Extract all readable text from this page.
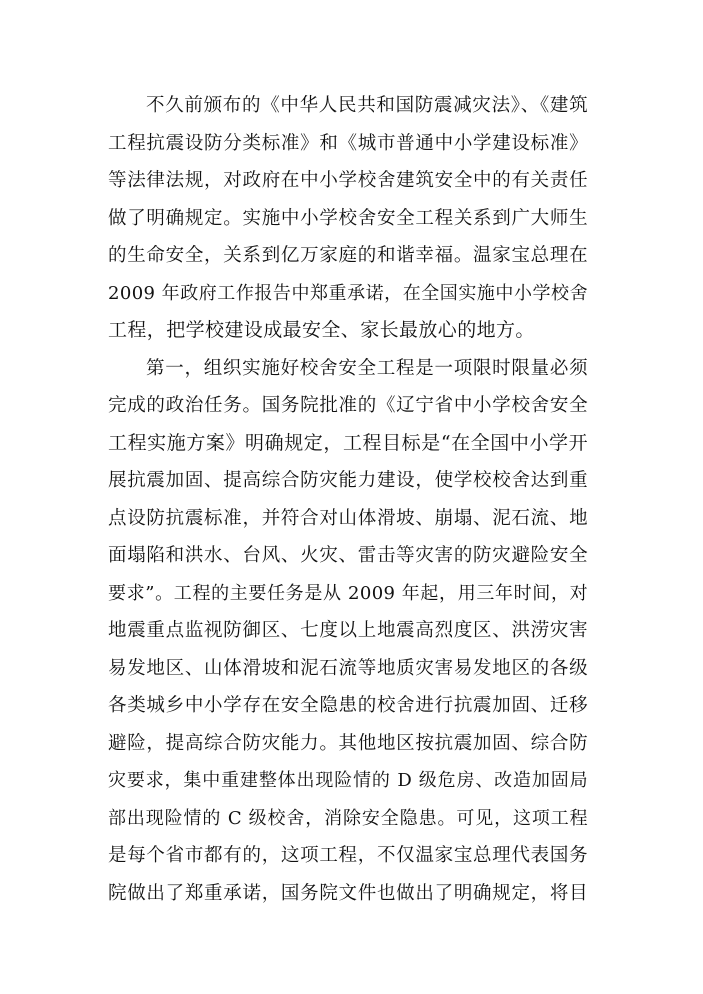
不久前颁布的《中华人民共和国防震减灾法》、《建筑
工程抗震设防分类标准》和《城市普通中小学建设标准》
等法律法规，对政府在中小学校舍建筑安全中的有关责任
做了明确规定。实施中小学校舍安全工程关系到广大师生
的生命安全，关系到亿万家庭的和谐幸福。温家宝总理在
2009 年政府工作报告中郑重承诺，在全国实施中小学校舍
工程，把学校建设成最安全、家长最放心的地方。
第一，组织实施好校舍安全工程是一项限时限量必须
完成的政治任务。国务院批准的《辽宁省中小学校舍安全
工程实施方案》明确规定，工程目标是“在全国中小学开
展抗震加固、提高综合防灾能力建设，使学校校舍达到重
点设防抗震标准，并符合对山体滑坡、崩塌、泥石流、地
面塌陷和洪水、台风、火灾、雷击等灾害的防灾避险安全
要求”。工程的主要任务是从 2009 年起，用三年时间，对
地震重点监视防御区、七度以上地震高烈度区、洪涝灾害
易发地区、山体滑坡和泥石流等地质灾害易发地区的各级
各类城乡中小学存在安全隐患的校舍进行抗震加固、迁移
避险，提高综合防灾能力。其他地区按抗震加固、综合防
灾要求，集中重建整体出现险情的 D 级危房、改造加固局
部出现险情的 C 级校舍，消除安全隐患。可见，这项工程
是每个省市都有的，这项工程，不仅温家宝总理代表国务
院做出了郑重承诺，国务院文件也做出了明确规定，将目
